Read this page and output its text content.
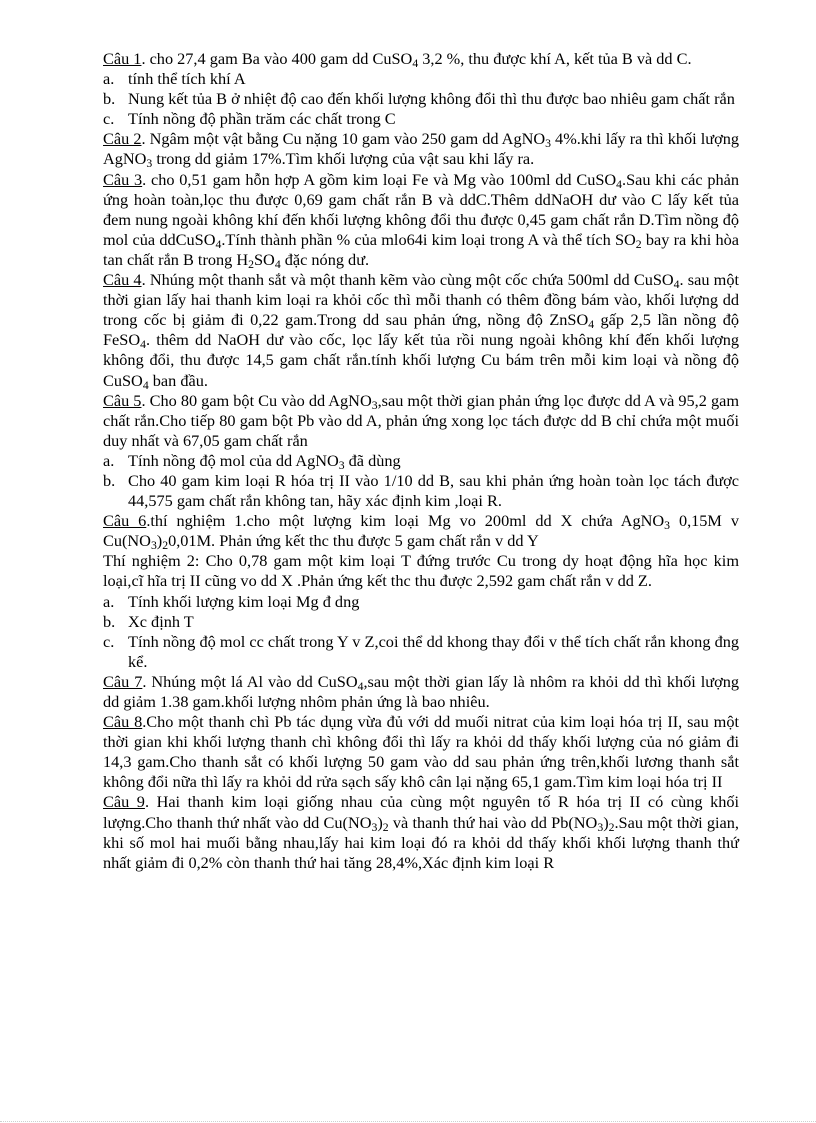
Câu 1. cho 27,4 gam Ba vào 400 gam dd CuSO$_4$ 3,2 %, thu được khí A, kết tủa B và dd C.

a. tính thể tích khí A
b. Nung kết tủa B ở nhiệt độ cao đến khối lượng không đổi thì thu được bao nhiêu gam chất rắn
c. Tính nồng độ phần trăm các chất trong C

Câu 2. Ngâm một vật bằng Cu nặng 10 gam vào 250 gam dd AgNO$_3$ 4%.khi lấy ra thì khối lượng AgNO$_3$ trong dd giảm 17%.Tìm khối lượng của vật sau khi lấy ra.

Câu 3. cho 0,51 gam hỗn hợp A gồm kim loại Fe và Mg vào 100ml dd CuSO$_4$.Sau khi các phản ứng hoàn toàn,lọc thu được 0,69 gam chất rắn B và ddC.Thêm ddNaOH dư vào C lấy kết tủa đem nung ngoài không khí đến khối lượng không đổi thu được 0,45 gam chất rắn D.Tìm nồng độ mol của ddCuSO$_4$.Tính thành phần % của mlo64i kim loại trong A và thể tích $SO_2$ bay ra khi hòa tan chất rắn B trong $H_2SO_4$ đặc nóng dư.

Câu 4. Nhúng một thanh sắt và một thanh kẽm vào cùng một cốc chứa 500ml dd CuSO$_4$. sau một thời gian lấy hai thanh kim loại ra khỏi cốc thì mỗi thanh có thêm đồng bám vào, khối lượng dd trong cốc bị giảm đi 0,22 gam.Trong dd sau phản ứng, nồng độ ZnSO$_4$ gấp 2,5 lần nồng độ FeSO$_4$. thêm dd NaOH dư vào cốc, lọc lấy kết tủa rồi nung ngoài không khí đến khối lượng không đổi, thu được 14,5 gam chất rắn.tính khối lượng Cu bám trên mỗi kim loại và nồng độ CuSO$_4$ ban đầu.

Câu 5. Cho 80 gam bột Cu vào dd AgNO$_3$,sau một thời gian phản ứng lọc được dd A và 95,2 gam chất rắn.Cho tiếp 80 gam bột Pb vào dd A, phản ứng xong lọc tách được dd B chỉ chứa một muối duy nhất và 67,05 gam chất rắn

a. Tính nồng độ mol của dd AgNO$_3$ đã dùng
b. Cho 40 gam kim loại R hóa trị II vào 1/10 dd B, sau khi phản ứng hoàn toàn lọc tách được 44,575 gam chất rắn không tan, hãy xác định kim ,loại R.

Câu 6.thí nghiệm 1.cho một lượng kim loại Mg vo 200ml dd X chứa AgNO$_3$ 0,15M v $Cu(NO_3)_20,01M$. Phản ứng kết thc thu được 5 gam chất rắn v dd Y

Thí nghiệm 2: Cho 0,78 gam một kim loại T đứng trước Cu trong dy hoạt động hĩa học kim loại,cĩ hĩa trị II cũng vo dd X .Phản ứng kết thc thu được 2,592 gam chất rắn v dd Z.

a. Tính khối lượng kim loại Mg đ dng
b. Xc định T
c. Tính nồng độ mol cc chất trong Y v Z,coi thể dd khong thay đổi v thể tích chất rắn khong đng kể.

Câu 7. Nhúng một lá Al vào dd CuSO$_4$,sau một thời gian lấy là nhôm ra khỏi dd thì khối lượng dd giảm 1.38 gam.khối lượng nhôm phản ứng là bao nhiêu.

Câu 8.Cho một thanh chì Pb tác dụng vừa đủ với dd muối nitrat của kim loại hóa trị II, sau một thời gian khi khối lượng thanh chì không đổi thì lấy ra khỏi dd thấy khối lượng của nó giảm đi 14,3 gam.Cho thanh sắt có khối lượng 50 gam vào dd sau phản ứng trên,khối lương thanh sắt không đổi nữa thì lấy ra khỏi dd rửa sạch sấy khô cân lại nặng 65,1 gam.Tìm kim loại hóa trị II

Câu 9. Hai thanh kim loại giống nhau của cùng một nguyên tố R hóa trị II có cùng khối lượng.Cho thanh thứ nhất vào dd $Cu(NO_3)_2$ và thanh thứ hai vào dd $Pb(NO_3)_2.Sau$ một thời gian, khi số mol hai muối bằng nhau,lấy hai kim loại đó ra khỏi dd thấy khối khối lượng thanh thứ nhất giảm đi 0,2% còn thanh thứ hai tăng 28,4%,Xác định kim loại R
